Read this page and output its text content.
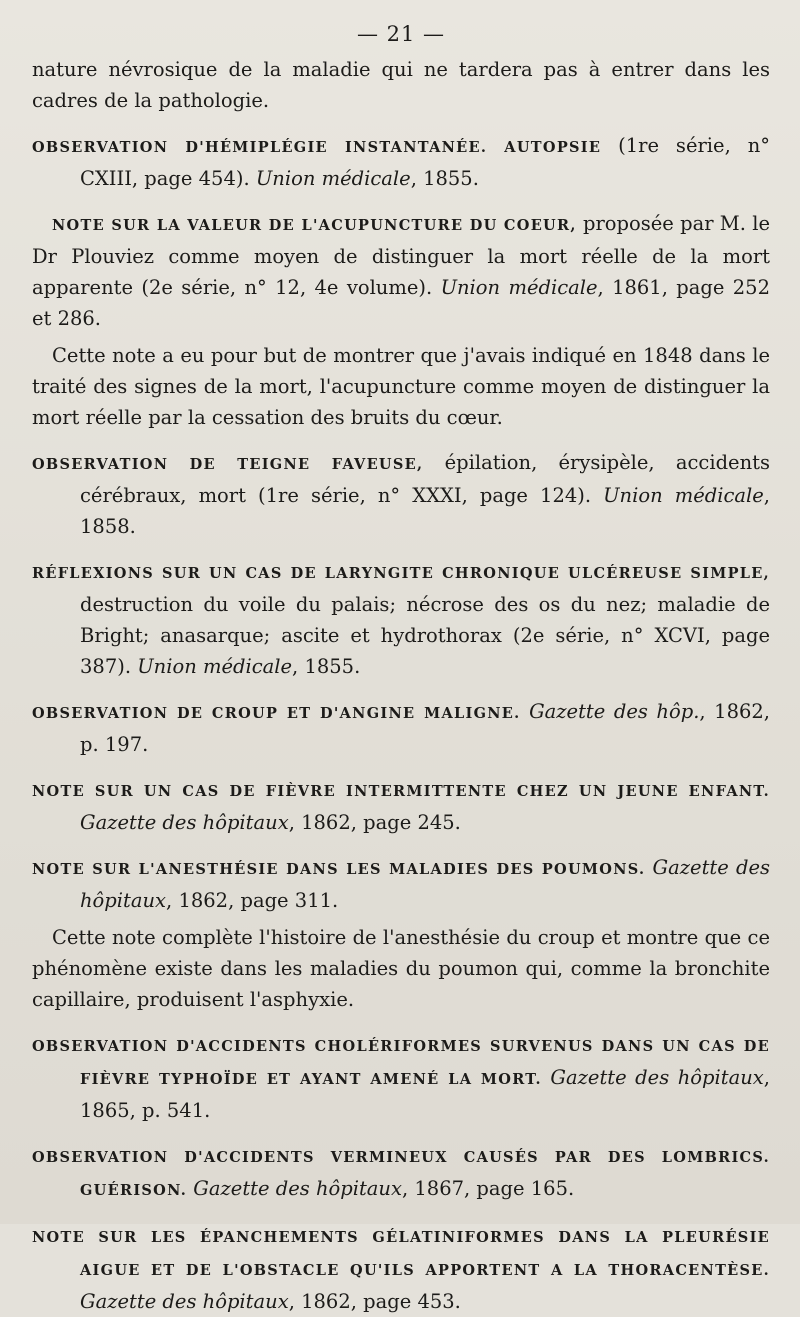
— 21 —

nature névrosique de la maladie qui ne tardera pas à entrer dans les cadres de la pathologie.

OBSERVATION D'HÉMIPLÉGIE INSTANTANÉE. AUTOPSIE (1re série, n° CXIII, page 454). Union médicale, 1855.

NOTE SUR LA VALEUR DE L'ACUPUNCTURE DU COEUR, proposée par M. le Dr Plouviez comme moyen de distinguer la mort réelle de la mort apparente (2e série, n° 12, 4e volume). Union médicale, 1861, page 252 et 286.

Cette note a eu pour but de montrer que j'avais indiqué en 1848 dans le traité des signes de la mort, l'acupuncture comme moyen de distinguer la mort réelle par la cessation des bruits du cœur.

OBSERVATION DE TEIGNE FAVEUSE, épilation, érysipèle, accidents cérébraux, mort (1re série, n° XXXI, page 124). Union médicale, 1858.

RÉFLEXIONS SUR UN CAS DE LARYNGITE CHRONIQUE ULCÉREUSE SIMPLE, destruction du voile du palais; nécrose des os du nez; maladie de Bright; anasarque; ascite et hydrothorax (2e série, n° XCVI, page 387). Union médicale, 1855.

OBSERVATION DE CROUP ET D'ANGINE MALIGNE. Gazette des hôp., 1862, p. 197.

NOTE SUR UN CAS DE FIÈVRE INTERMITTENTE CHEZ UN JEUNE ENFANT. Gazette des hôpitaux, 1862, page 245.

NOTE SUR L'ANESTHÉSIE DANS LES MALADIES DES POUMONS. Gazette des hôpitaux, 1862, page 311.

Cette note complète l'histoire de l'anesthésie du croup et montre que ce phénomène existe dans les maladies du poumon qui, comme la bronchite capillaire, produisent l'asphyxie.

OBSERVATION D'ACCIDENTS CHOLÉRIFORMES SURVENUS DANS UN CAS DE FIÈVRE TYPHOÏDE ET AYANT AMENÉ LA MORT. Gazette des hôpitaux, 1865, p. 541.

OBSERVATION D'ACCIDENTS VERMINEUX CAUSÉS PAR DES LOMBRICS. GUÉRISON. Gazette des hôpitaux, 1867, page 165.

NOTE SUR LES ÉPANCHEMENTS GÉLATINIFORMES DANS LA PLEURÉSIE AIGUE ET DE L'OBSTACLE QU'ILS APPORTENT A LA THORACENTÈSE. Gazette des hôpitaux, 1862, page 453.
